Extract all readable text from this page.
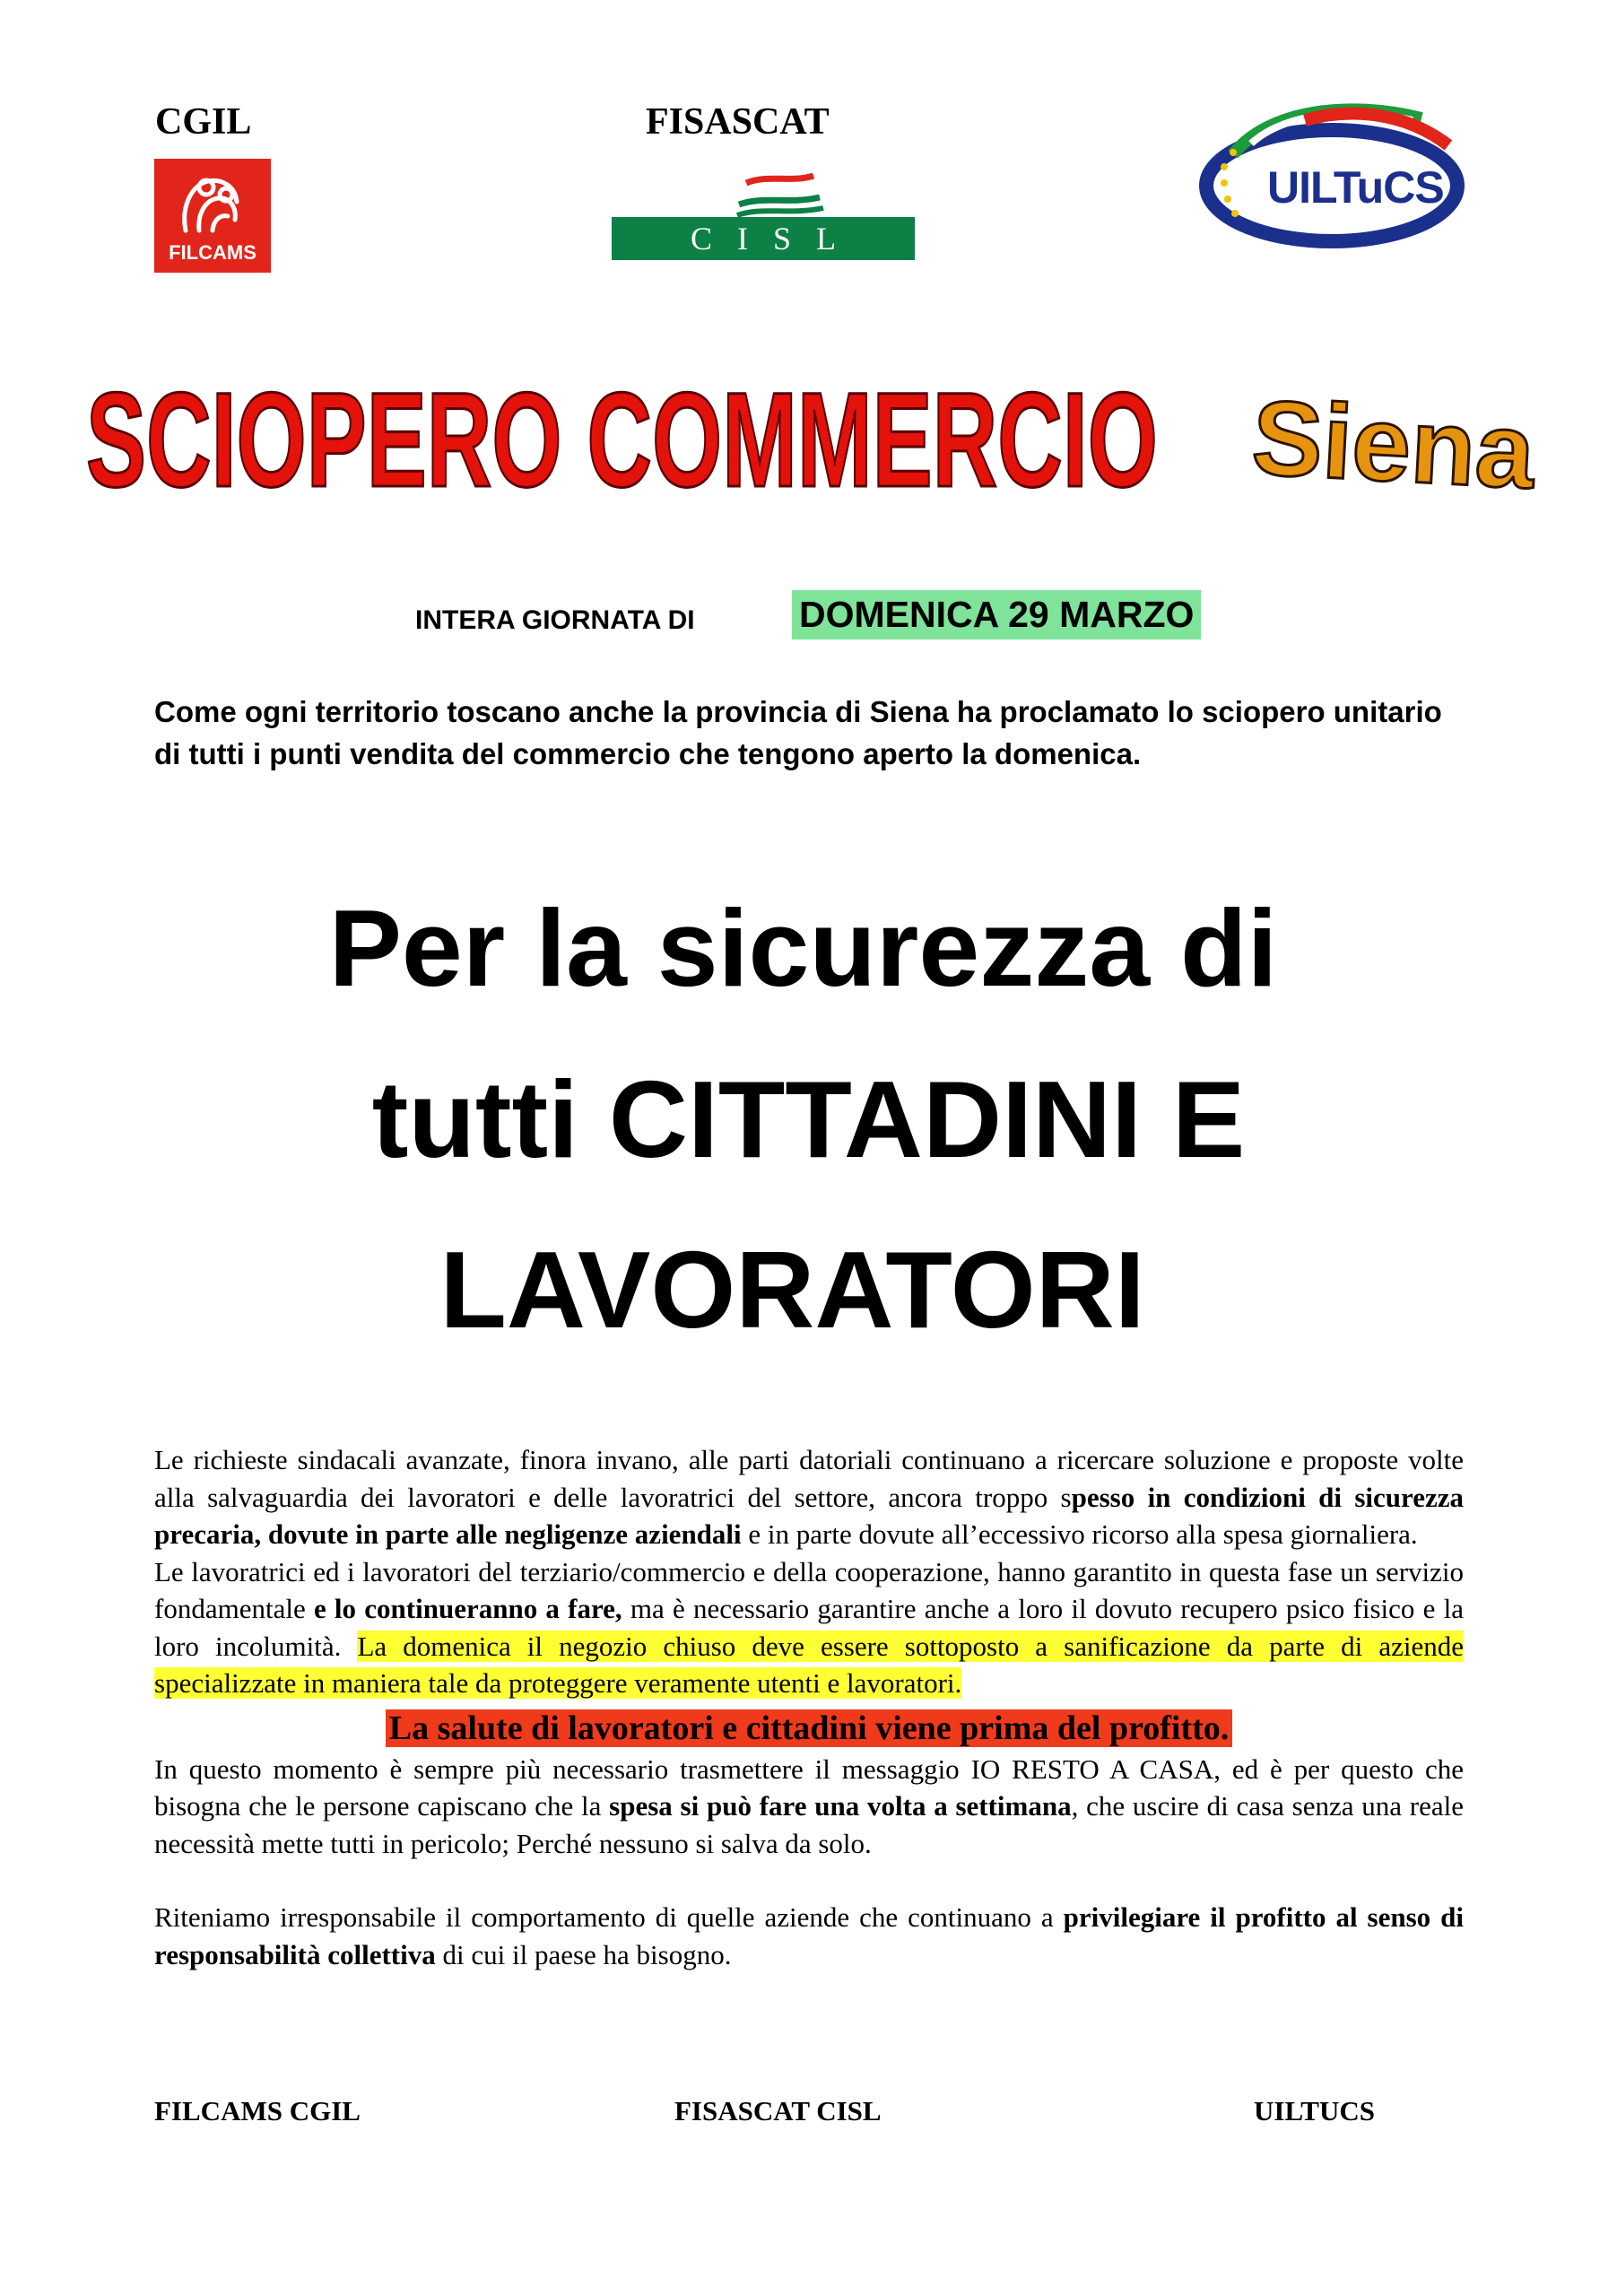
CGIL	FISASCAT
FILCAMS	CISL
UILTuCS
SCIOPERO COMMERCIO Siena
INTERA GIORNATA DI	DOMENICA 29 MARZO
Come ogni territorio toscano anche la provincia di Siena ha proclamato lo sciopero unitario di tutti i punti vendita del commercio che tengono aperto la domenica.
Per la sicurezza di
tutti CITTADINI E
LAVORATORI

Le richieste sindacali avanzate, finora invano, alle parti datoriali continuano a ricercare soluzione e proposte volte alla salvaguardia dei lavoratori e delle lavoratrici del settore, ancora troppo spesso in condizioni di sicurezza precaria, dovute in parte alle negligenze aziendali e in parte dovute all’eccessivo ricorso alla spesa giornaliera.

Le lavoratrici ed i lavoratori del terziario/commercio e della cooperazione, hanno garantito in questa fase un servizio fondamentale e lo continueranno a fare, ma è necessario garantire anche a loro il dovuto recupero psico fisico e la loro incolumità. La domenica il negozio chiuso deve essere sottoposto a sanificazione da parte di aziende specializzate in maniera tale da proteggere veramente utenti e lavoratori.

La salute di lavoratori e cittadini viene prima del profitto.

In questo momento è sempre più necessario trasmettere il messaggio IO RESTO A CASA, ed è per questo che bisogna che le persone capiscano che la spesa si può fare una volta a settimana, che uscire di casa senza una reale necessità mette tutti in pericolo; Perché nessuno si salva da solo.

Riteniamo irresponsabile il comportamento di quelle aziende che continuano a privilegiare il profitto al senso di responsabilità collettiva di cui il paese ha bisogno.

FILCAMS CGIL	FISASCAT CISL	UILTUCS
